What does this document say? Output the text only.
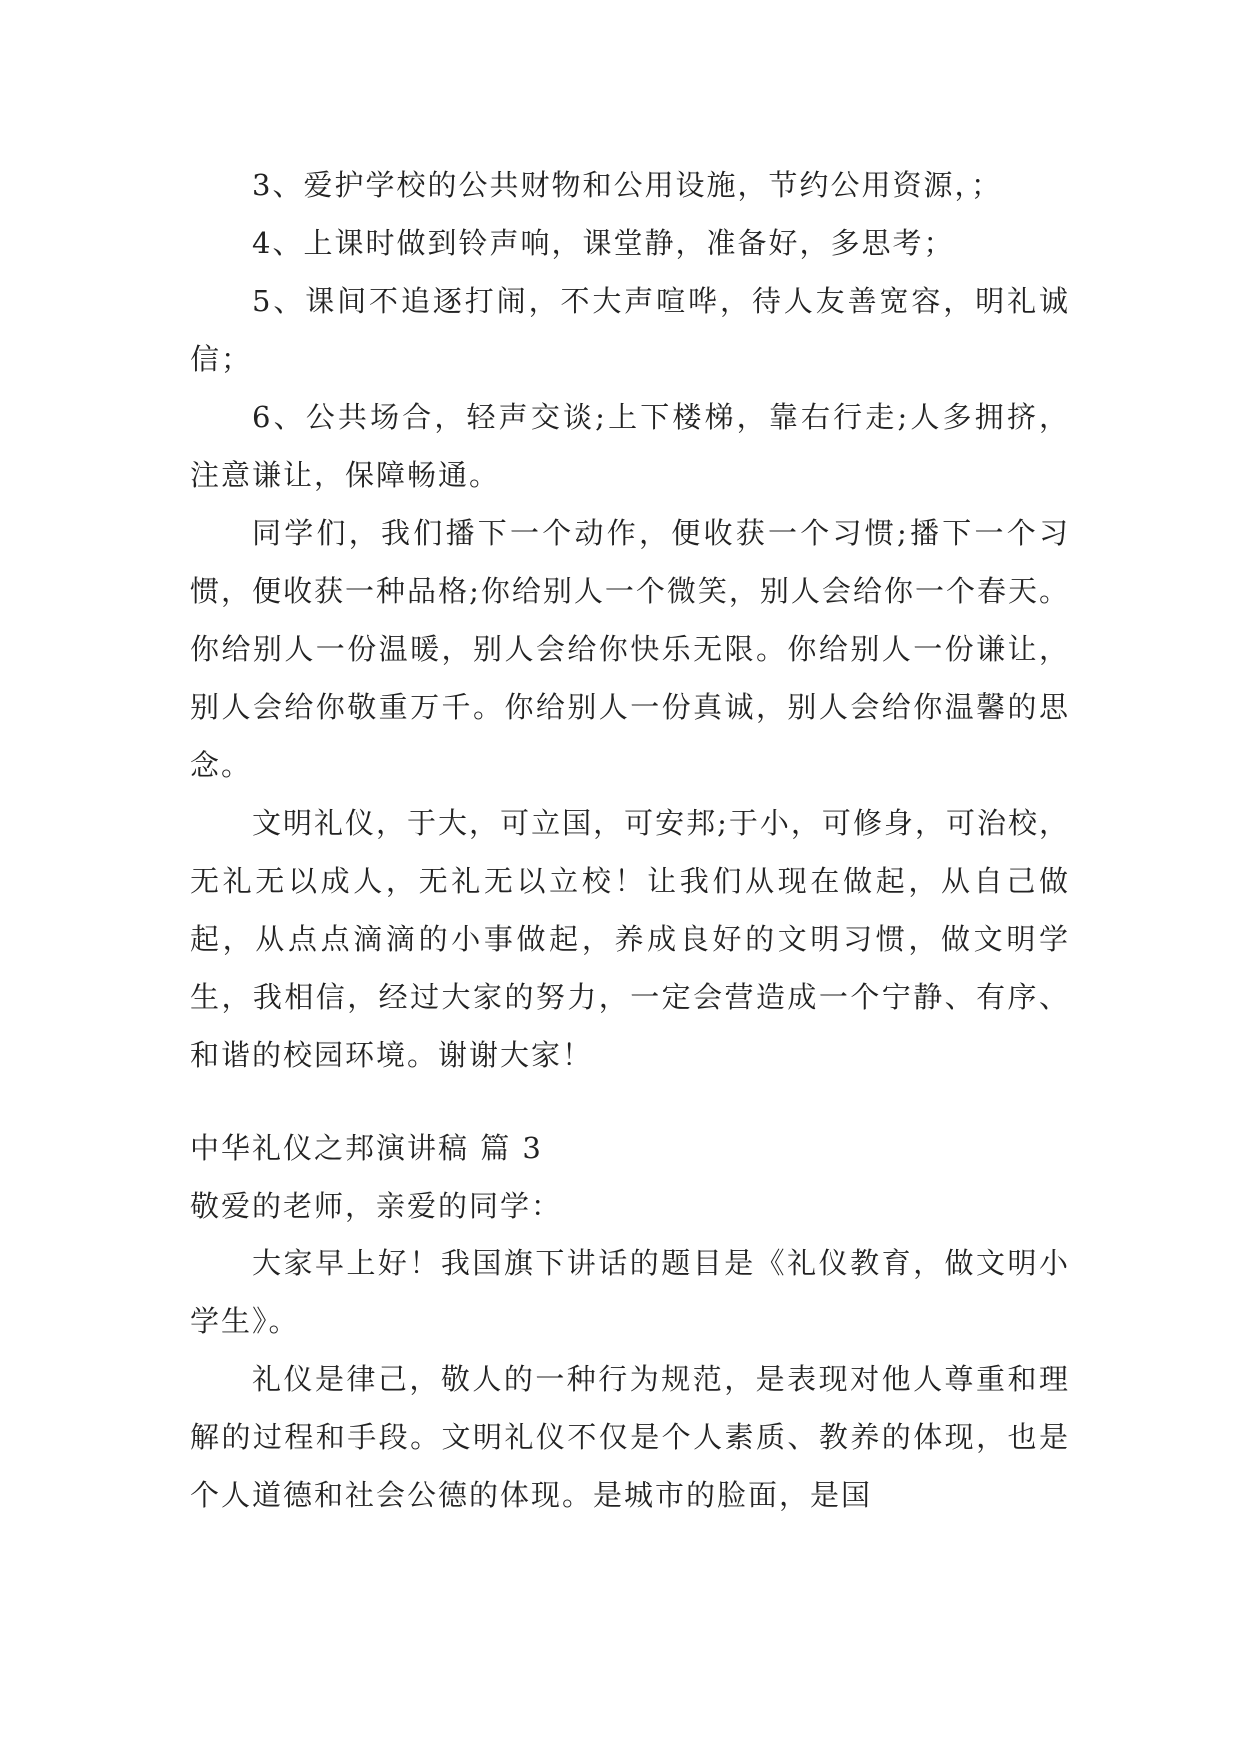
3、爱护学校的公共财物和公用设施，节约公用资源，；

4、上课时做到铃声响，课堂静，准备好，多思考；

5、课间不追逐打闹，不大声喧哗，待人友善宽容，明礼诚信；

6、公共场合，轻声交谈;上下楼梯，靠右行走;人多拥挤，注意谦让，保障畅通。

同学们，我们播下一个动作，便收获一个习惯;播下一个习惯，便收获一种品格;你给别人一个微笑，别人会给你一个春天。你给别人一份温暖，别人会给你快乐无限。你给别人一份谦让，别人会给你敬重万千。你给别人一份真诚，别人会给你温馨的思念。

文明礼仪，于大，可立国，可安邦;于小，可修身，可治校，无礼无以成人，无礼无以立校！让我们从现在做起，从自己做起，从点点滴滴的小事做起，养成良好的文明习惯，做文明学生，我相信，经过大家的努力，一定会营造成一个宁静、有序、和谐的校园环境。谢谢大家！

中华礼仪之邦演讲稿 篇 3

敬爱的老师，亲爱的同学：

大家早上好！我国旗下讲话的题目是《礼仪教育，做文明小学生》。

礼仪是律己，敬人的一种行为规范，是表现对他人尊重和理解的过程和手段。文明礼仪不仅是个人素质、教养的体现，也是个人道德和社会公德的体现。是城市的脸面，是国
